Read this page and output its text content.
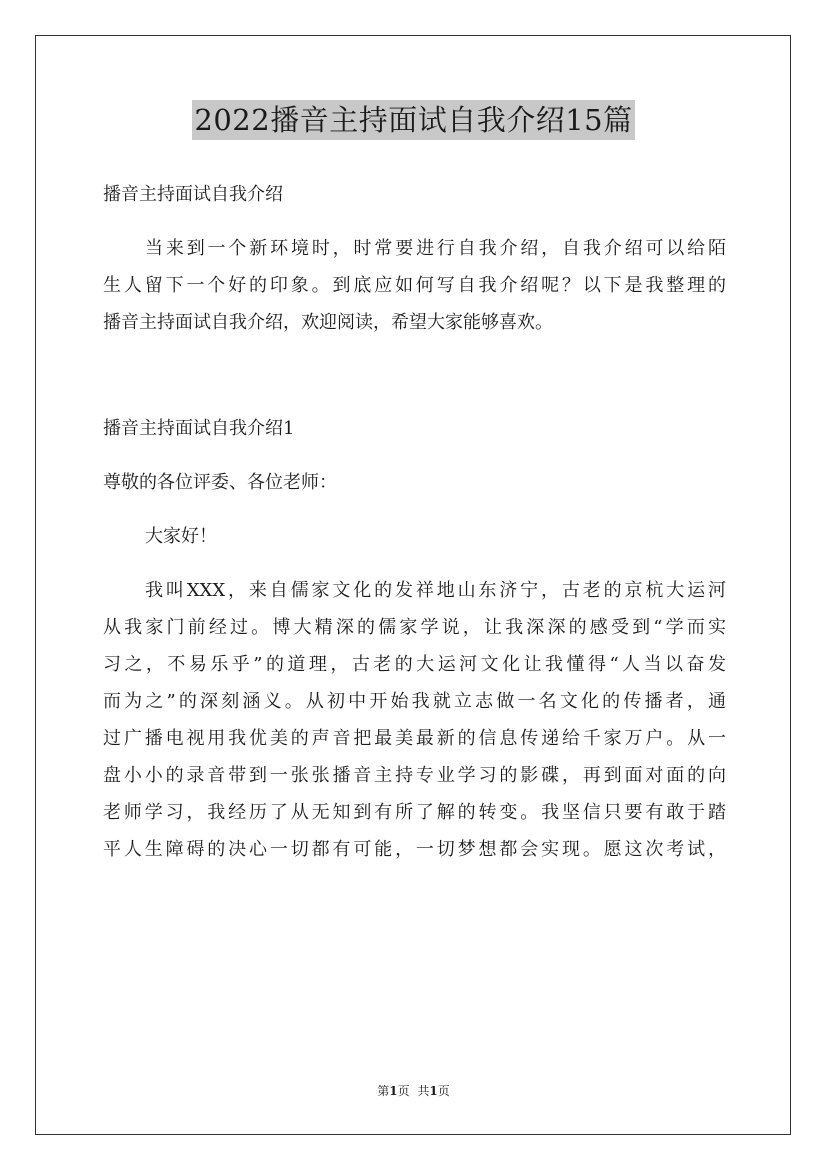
2022播音主持面试自我介绍15篇

播音主持面试自我介绍

当来到一个新环境时，时常要进行自我介绍，自我介绍可以给陌
生人留下一个好的印象。到底应如何写自我介绍呢？以下是我整理的
播音主持面试自我介绍，欢迎阅读，希望大家能够喜欢。

播音主持面试自我介绍1

尊敬的各位评委、各位老师：

大家好！

我叫XXX，来自儒家文化的发祥地山东济宁，古老的京杭大运河
从我家门前经过。博大精深的儒家学说，让我深深的感受到“学而实
习之，不易乐乎”的道理，古老的大运河文化让我懂得“人当以奋发
而为之”的深刻涵义。从初中开始我就立志做一名文化的传播者，通
过广播电视用我优美的声音把最美最新的信息传递给千家万户。从一
盘小小的录音带到一张张播音主持专业学习的影碟，再到面对面的向
老师学习，我经历了从无知到有所了解的转变。我坚信只要有敢于踏
平人生障碍的决心一切都有可能，一切梦想都会实现。愿这次考试，

第1页 共1页
